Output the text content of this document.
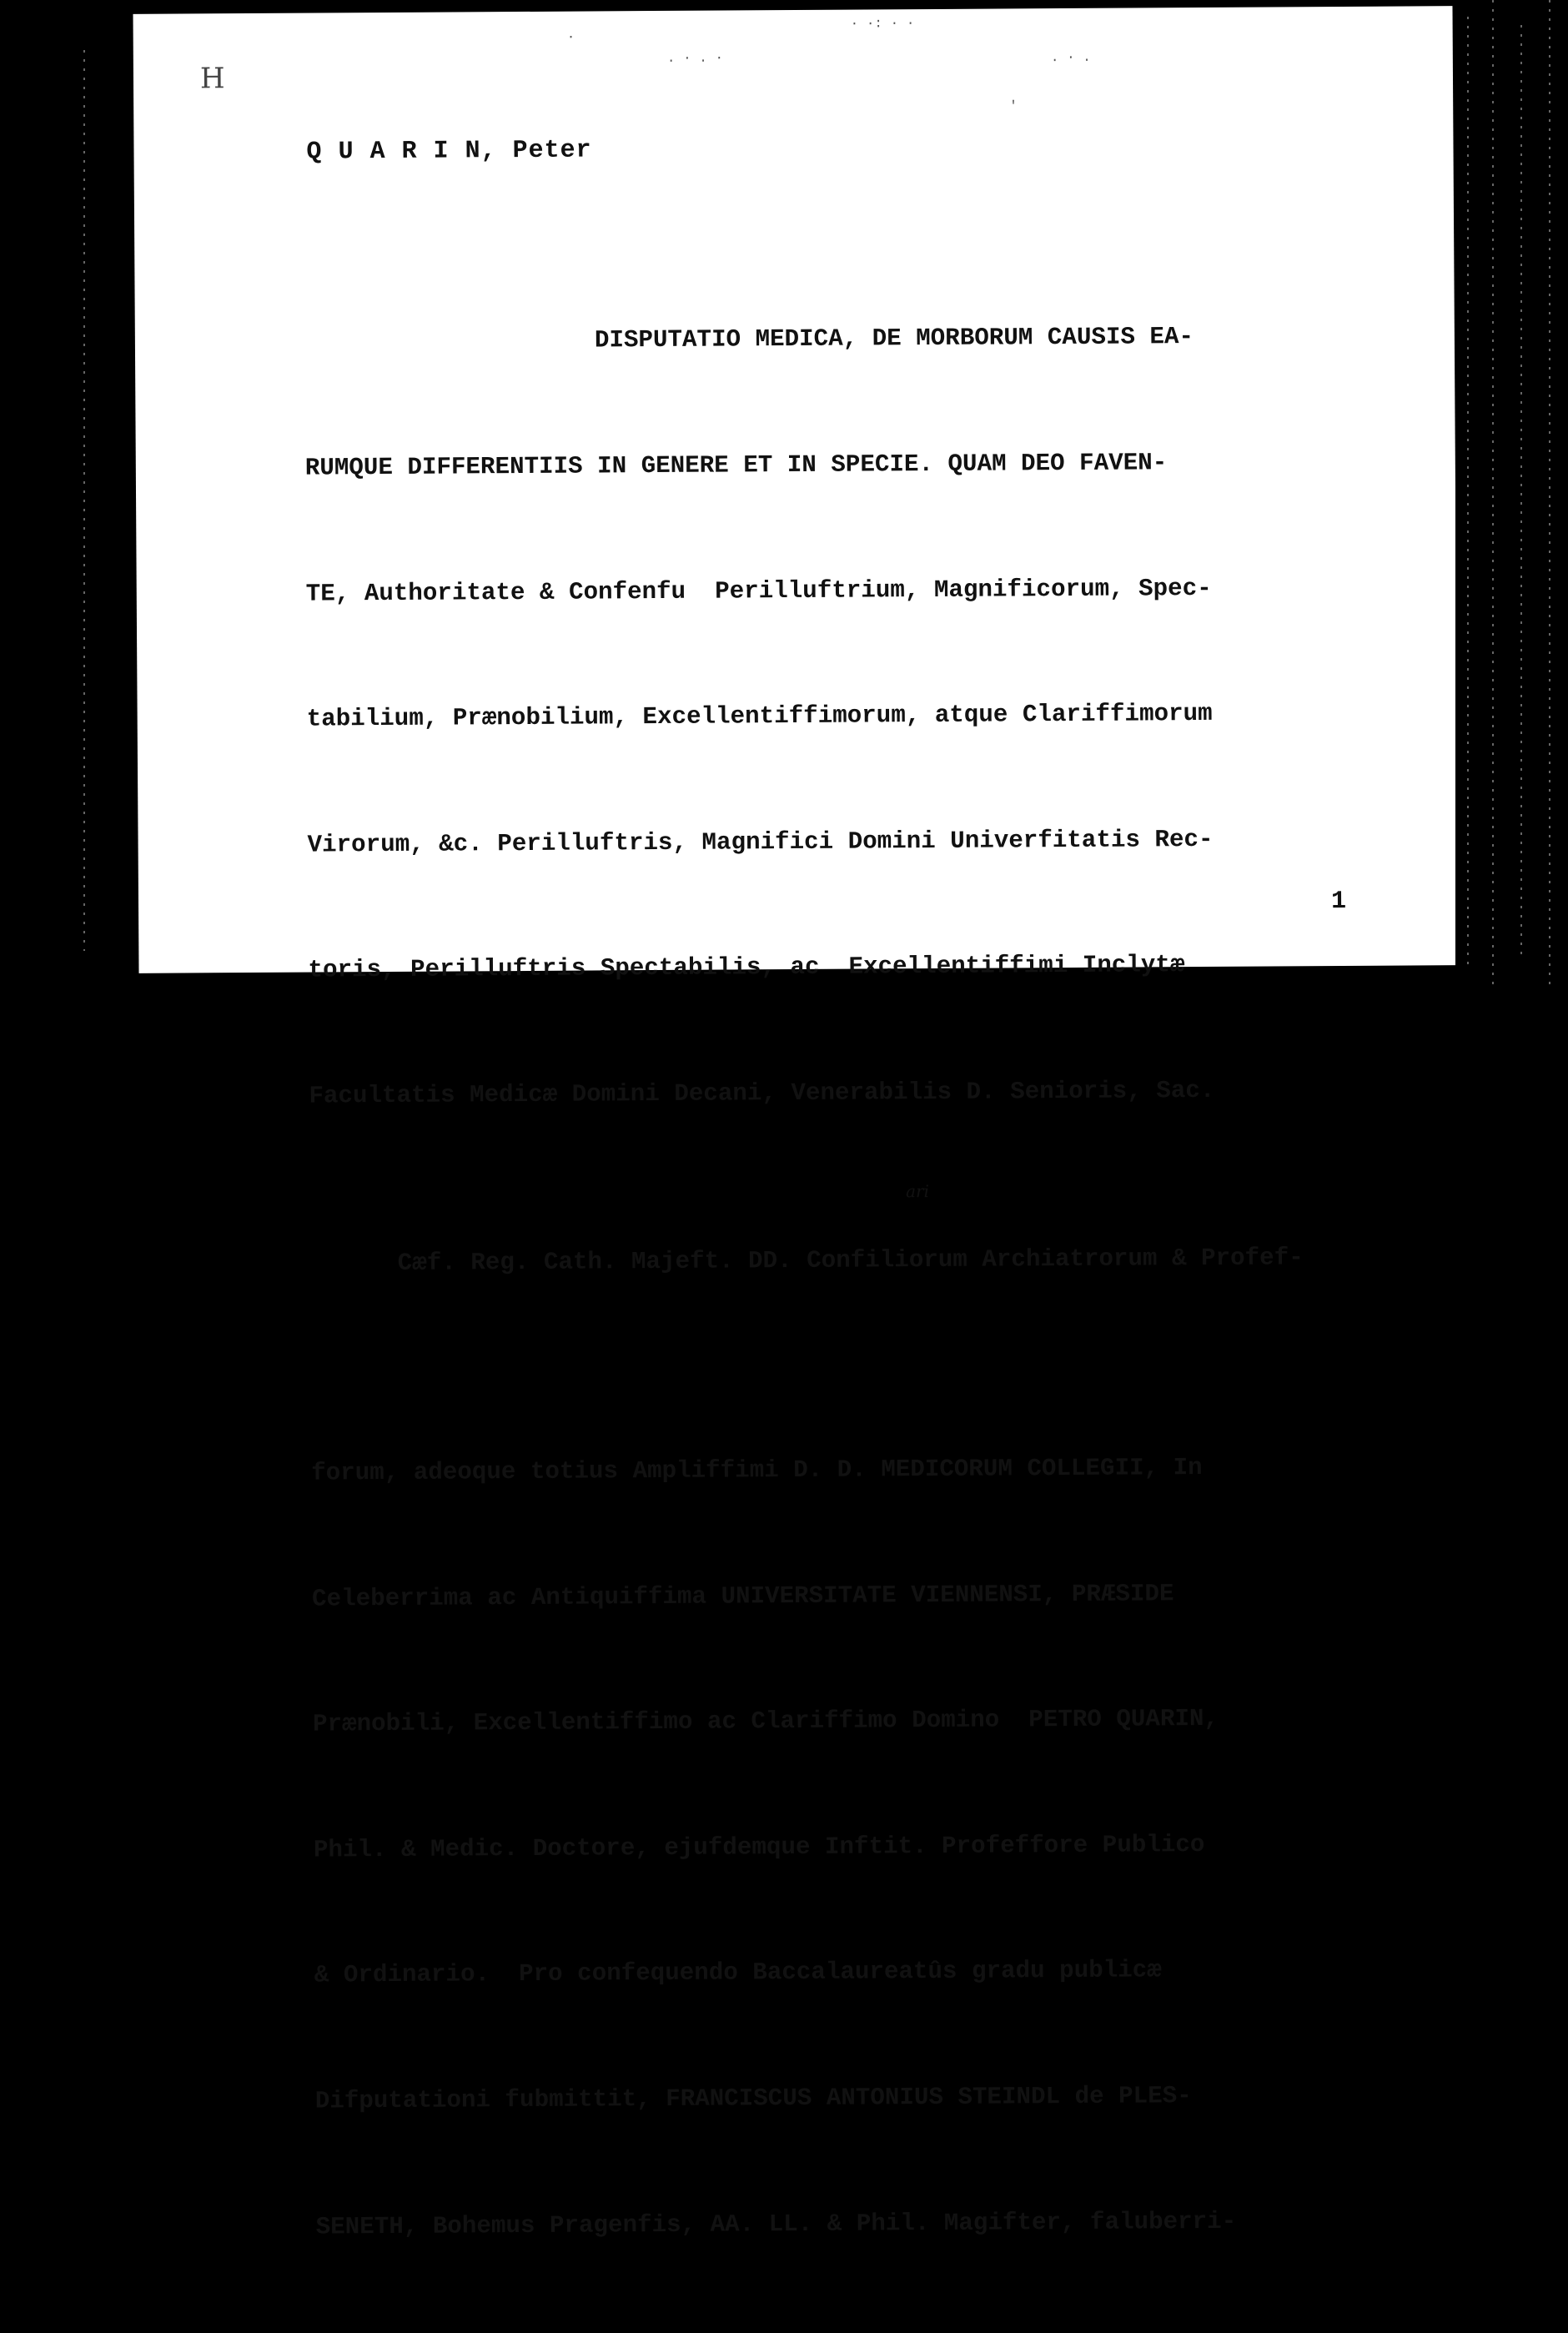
H
·
. · . ·
· ·: · ·
. · .
'
Q U A R I N, Peter

DISPUTATIO MEDICA, DE MORBORUM CAUSIS EA-

RUMQUE DIFFERENTIIS IN GENERE ET IN SPECIE. QUAM DEO FAVEN-

TE, Authoritate & Confenfu  Perilluftrium, Magnificorum, Spec-

tabilium, Prænobilium, Excellentiffimorum, atque Clariffimorum

Virorum, &c. Perilluftris, Magnifici Domini Univerfitatis Rec-

toris, Perilluftris Spectabilis, ac  Excellentiffimi Inclytæ

Facultatis Medicæ Domini Decani, Venerabilis D. Senioris, Sac.

Cæf. Reg. Cath. Majeft. DD. Confiliorum Archiatrorum & Profef-

ari

forum, adeoque totius Ampliffimi D. D. MEDICORUM COLLEGII, In

Celeberrima ac Antiquiffima UNIVERSITATE VIENNENSI, PRÆSIDE

Prænobili, Excellentiffimo ac Clariffimo Domino  PETRO QUARIN,

Phil. & Medic. Doctore, ejufdemque Inftit. Profeffore Publico

& Ordinario.  Pro confequendo Baccalaureatûs gradu publicæ

Difputationi fubmittit, FRANCISCUS ANTONIUS STEINDL de PLES-

SENETH, Bohemus Pragenfis, AA. LL. & Phil. Magifter, faluberri-

1
